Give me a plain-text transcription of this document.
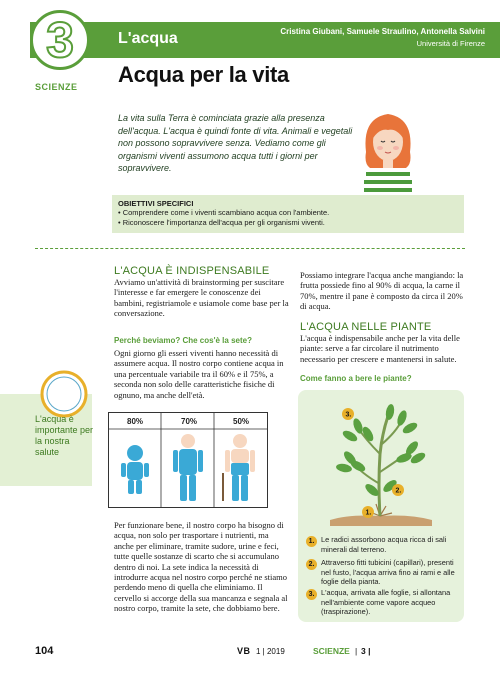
3
SCIENZE
L'acqua	Cristina Giubani, Samuele Straulino, Antonella Salvini
Università di Firenze
Acqua per la vita
La vita sulla Terra è cominciata grazie alla presenza dell'acqua. L'acqua è quindi fonte di vita. Animali e vegetali non possono sopravvivere senza. Vediamo come gli organismi viventi assumono acqua tutti i giorni per sopravvivere.
OBIETTIVI SPECIFICI
• Comprendere come i viventi scambiano acqua con l'ambiente.
• Riconoscere l'importanza dell'acqua per gli organismi viventi.
L'ACQUA È INDISPENSABILE
Avviamo un'attività di brainstorming per suscitare l'interesse e far emergere le conoscenze dei bambini, registriamole e usiamole come base per la conversazione.
Perché beviamo? Che cos'è la sete?
Ogni giorno gli esseri viventi hanno necessità di assumere acqua. Il nostro corpo contiene acqua in una percentuale variabile tra il 60% e il 75%, a seconda non solo delle caratteristiche fisiche di ognuno, ma anche dell'età.
L'acqua è importante per la nostra salute
80%	70%	50%
Per funzionare bene, il nostro corpo ha bisogno di acqua, non solo per trasportare i nutrienti, ma anche per eliminare, tramite sudore, urine e feci, tutte quelle sostanze di scarto che si accumulano dentro di noi. La sete indica la necessità di introdurre acqua nel nostro corpo perché ne stiamo perdendo meno di quella che eliminiamo. Il cervello si accorge della sua mancanza e segnala al nostro corpo, tramite la sete, che dobbiamo bere.
Possiamo integrare l'acqua anche mangiando: la frutta possiede fino al 90% di acqua, la carne il 70%, mentre il pane è composto da circa il 20% di acqua.
L'ACQUA NELLE PIANTE
L'acqua è indispensabile anche per la vita delle piante: serve a far circolare il nutrimento necessario per crescere e mantenersi in salute.
Come fanno a bere le piante?
3.
2.
1.
1. Le radici assorbono acqua ricca di sali minerali dal terreno.
2. Attraverso fitti tubicini (capillari), presenti nel fusto, l'acqua arriva fino ai rami e alle foglie della pianta.
3. L'acqua, arrivata alle foglie, si allontana nell'ambiente come vapore acqueo (traspirazione).
104	VB 1 | 2019	SCIENZE | 3 |
